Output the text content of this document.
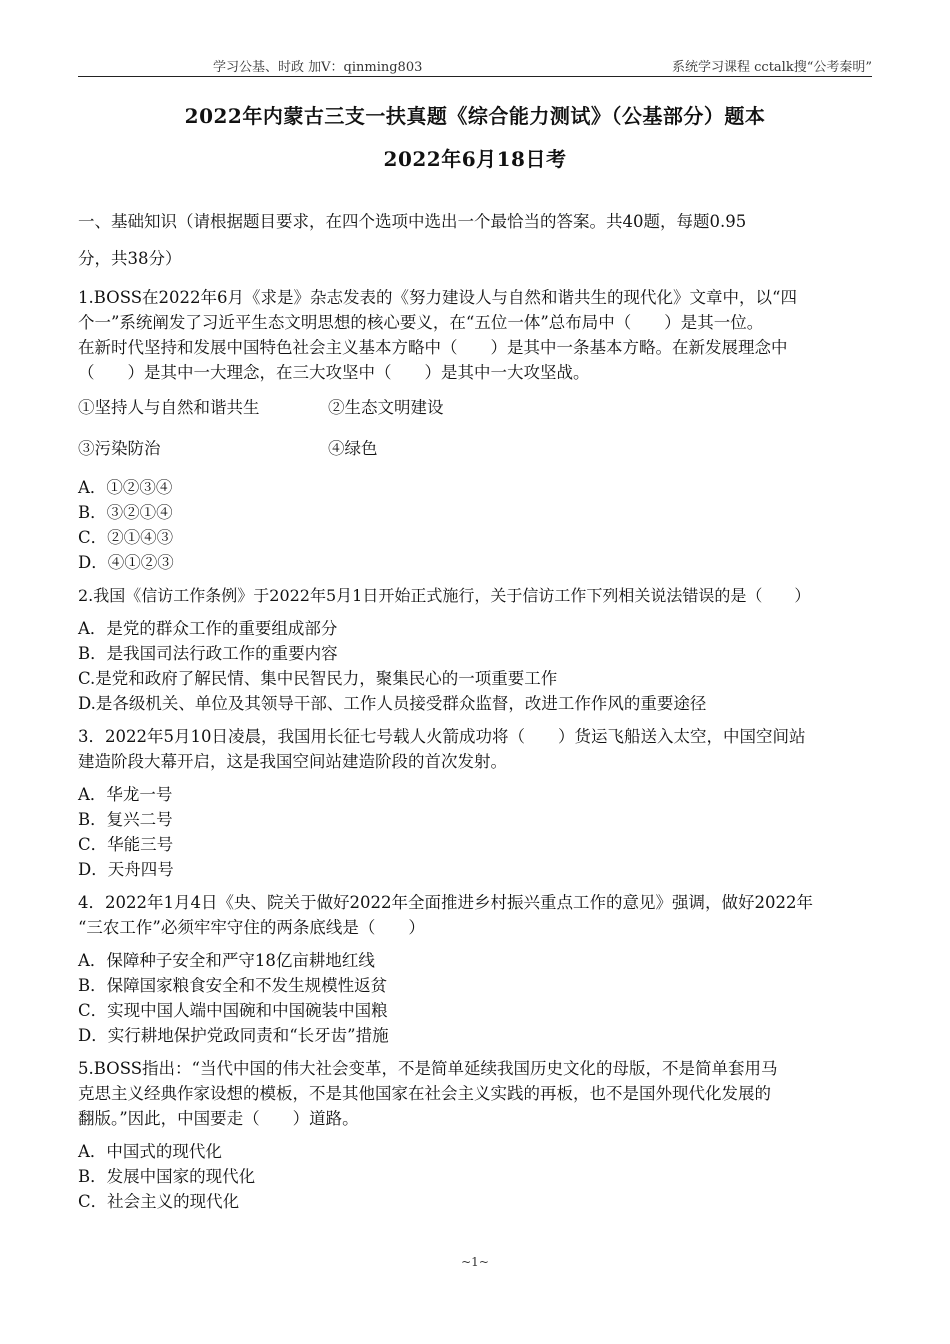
学习公基、时政 加V：qinming803	系统学习课程 cctalk搜“公考秦明”
2022年内蒙古三支一扶真题《综合能力测试》（公基部分）题本
2022年6月18日考
一、基础知识（请根据题目要求，在四个选项中选出一个最恰当的答案。共40题，每题0.95
分，共38分）
1.BOSS在2022年6月《求是》杂志发表的《努力建设人与自然和谐共生的现代化》文章中，以“四
个一”系统阐发了习近平生态文明思想的核心要义，在“五位一体”总布局中（　　）是其一位。
在新时代坚持和发展中国特色社会主义基本方略中（　　）是其中一条基本方略。在新发展理念中
（　　）是其中一大理念，在三大攻坚中（　　）是其中一大攻坚战。
①坚持人与自然和谐共生	②生态文明建设
③污染防治	④绿色
A．①②③④
B．③②①④
C．②①④③
D．④①②③
2.我国《信访工作条例》于2022年5月1日开始正式施行，关于信访工作下列相关说法错误的是（　　）
A．是党的群众工作的重要组成部分
B．是我国司法行政工作的重要内容
C.是党和政府了解民情、集中民智民力，聚集民心的一项重要工作
D.是各级机关、单位及其领导干部、工作人员接受群众监督，改进工作作风的重要途径
3．2022年5月10日凌晨，我国用长征七号载人火箭成功将（　　）货运飞船送入太空，中国空间站
建造阶段大幕开启，这是我国空间站建造阶段的首次发射。
A．华龙一号
B．复兴二号
C．华能三号
D．天舟四号
4．2022年1月4日《央、院关于做好2022年全面推进乡村振兴重点工作的意见》强调，做好2022年
“三农工作”必须牢牢守住的两条底线是（　　）
A．保障种子安全和严守18亿亩耕地红线
B．保障国家粮食安全和不发生规模性返贫
C．实现中国人端中国碗和中国碗装中国粮
D．实行耕地保护党政同责和“长牙齿”措施
5.BOSS指出：“当代中国的伟大社会变革，不是简单延续我国历史文化的母版，不是简单套用马
克思主义经典作家设想的模板，不是其他国家在社会主义实践的再板，也不是国外现代化发展的
翻版。”因此，中国要走（　　）道路。
A．中国式的现代化
B．发展中国家的现代化
C．社会主义的现代化
~1~
